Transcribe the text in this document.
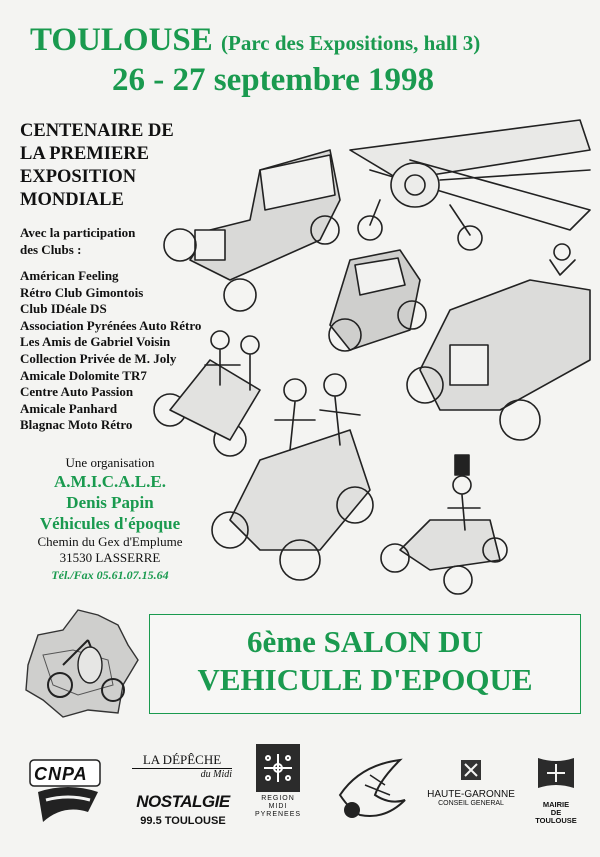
TOULOUSE (Parc des Expositions, hall 3)
26 - 27 septembre 1998
CENTENAIRE DE
LA PREMIERE
EXPOSITION
MONDIALE
Avec la participation
des Clubs :
Américan Feeling
Rétro Club Gimontois
Club IDéale DS
Association Pyrénées Auto Rétro
Les Amis de Gabriel Voisin
Collection Privée de M. Joly
Amicale Dolomite TR7
Centre Auto Passion
Amicale Panhard
Blagnac Moto Rétro
Une organisation
A.M.I.C.A.L.E.
Denis Papin
Véhicules d'époque
Chemin du Gex d'Emplume
31530 LASSERRE
Tél./Fax 05.61.07.15.64
6ème SALON DU
VEHICULE D'EPOQUE
CNPA
LA DÉPÊCHE
du Midi
NOSTALGIE
99.5 TOULOUSE
REGION
MIDI
PYRENEES
HAUTE-GARONNE
CONSEIL GENERAL	MAIRIE
DE
TOULOUSE
